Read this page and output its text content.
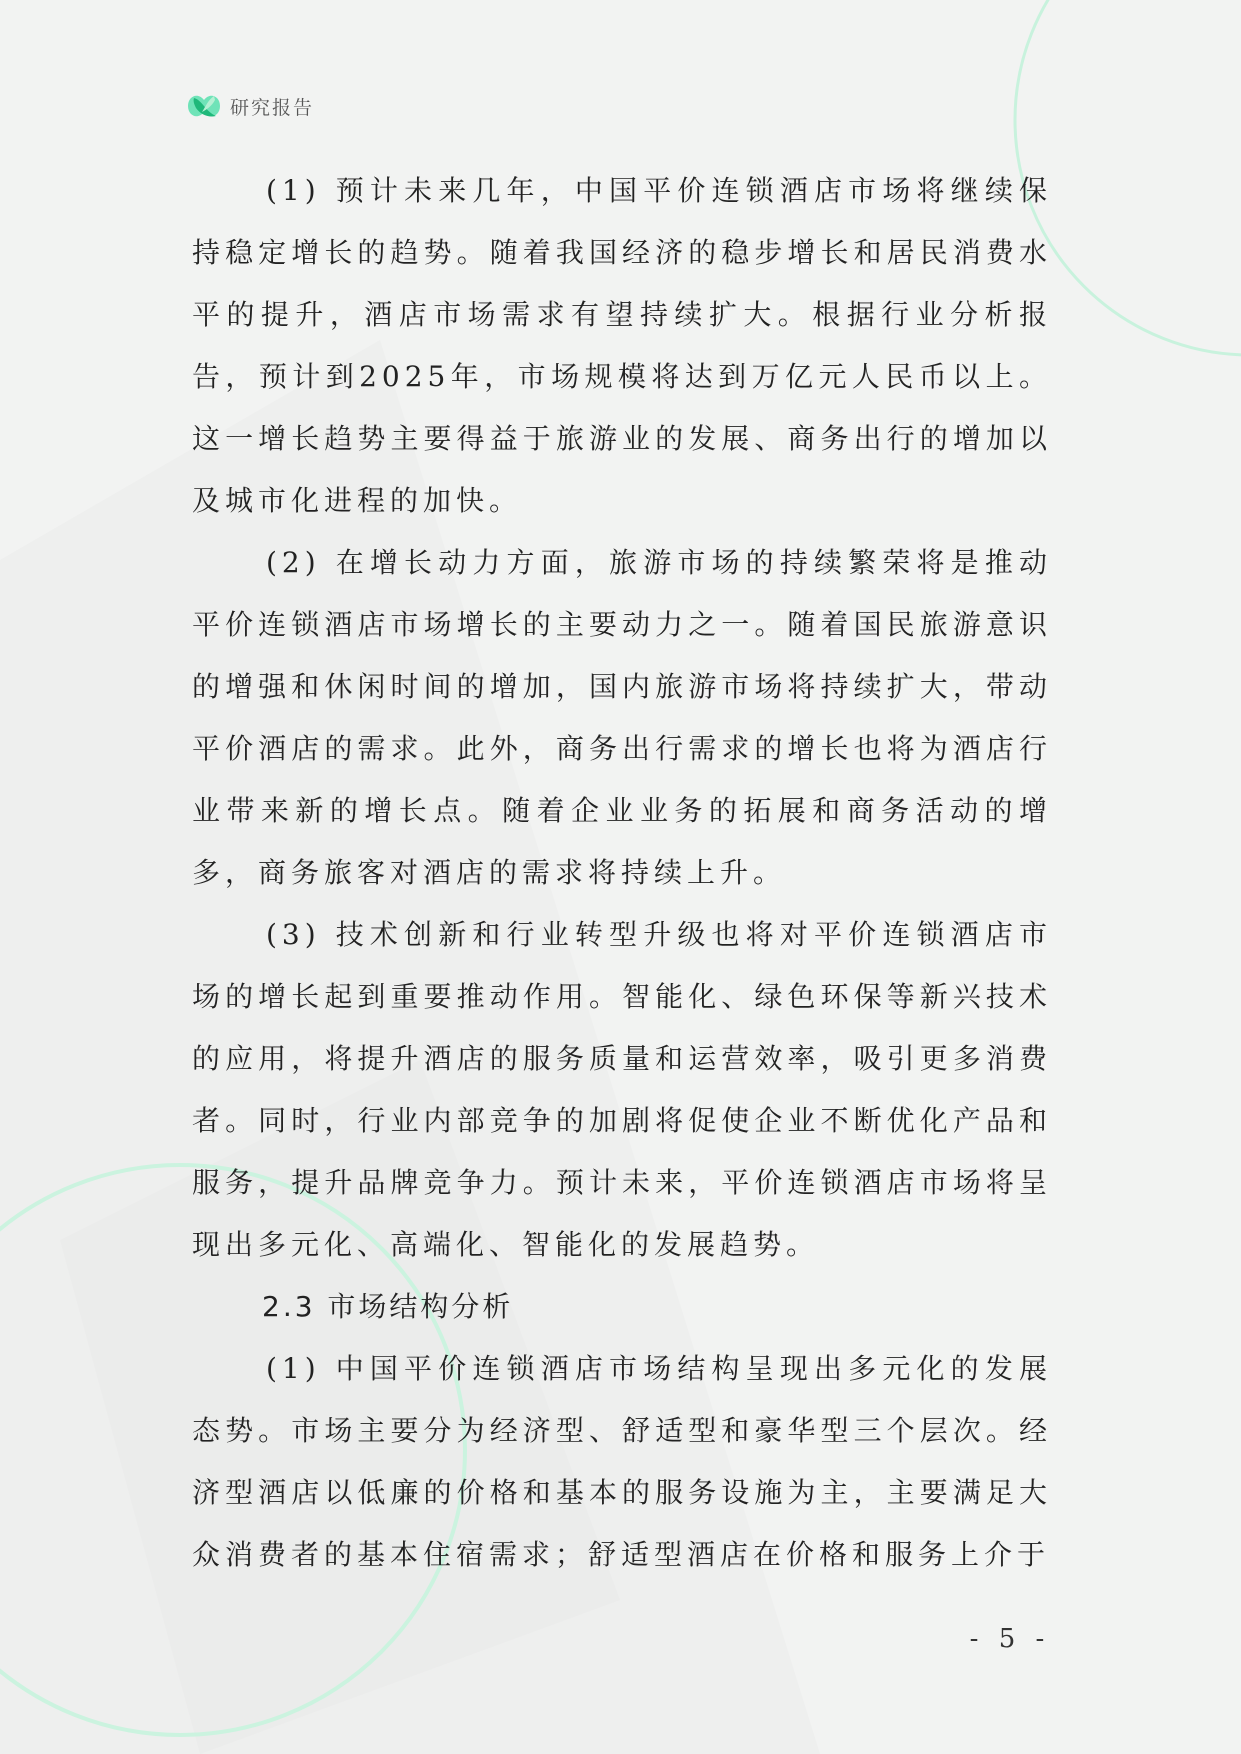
研究报告

(1) 预计未来几年，中国平价连锁酒店市场将继续保持稳定增长的趋势。随着我国经济的稳步增长和居民消费水平的提升，酒店市场需求有望持续扩大。根据行业分析报告，预计到2025年，市场规模将达到万亿元人民币以上。这一增长趋势主要得益于旅游业的发展、商务出行的增加以及城市化进程的加快。

(2) 在增长动力方面，旅游市场的持续繁荣将是推动平价连锁酒店市场增长的主要动力之一。随着国民旅游意识的增强和休闲时间的增加，国内旅游市场将持续扩大，带动平价酒店的需求。此外，商务出行需求的增长也将为酒店行业带来新的增长点。随着企业业务的拓展和商务活动的增多，商务旅客对酒店的需求将持续上升。

(3) 技术创新和行业转型升级也将对平价连锁酒店市场的增长起到重要推动作用。智能化、绿色环保等新兴技术的应用，将提升酒店的服务质量和运营效率，吸引更多消费者。同时，行业内部竞争的加剧将促使企业不断优化产品和服务，提升品牌竞争力。预计未来，平价连锁酒店市场将呈现出多元化、高端化、智能化的发展趋势。

2.3 市场结构分析

(1) 中国平价连锁酒店市场结构呈现出多元化的发展态势。市场主要分为经济型、舒适型和豪华型三个层次。经济型酒店以低廉的价格和基本的服务设施为主，主要满足大众消费者的基本住宿需求；舒适型酒店在价格和服务上介于

- 5 -
